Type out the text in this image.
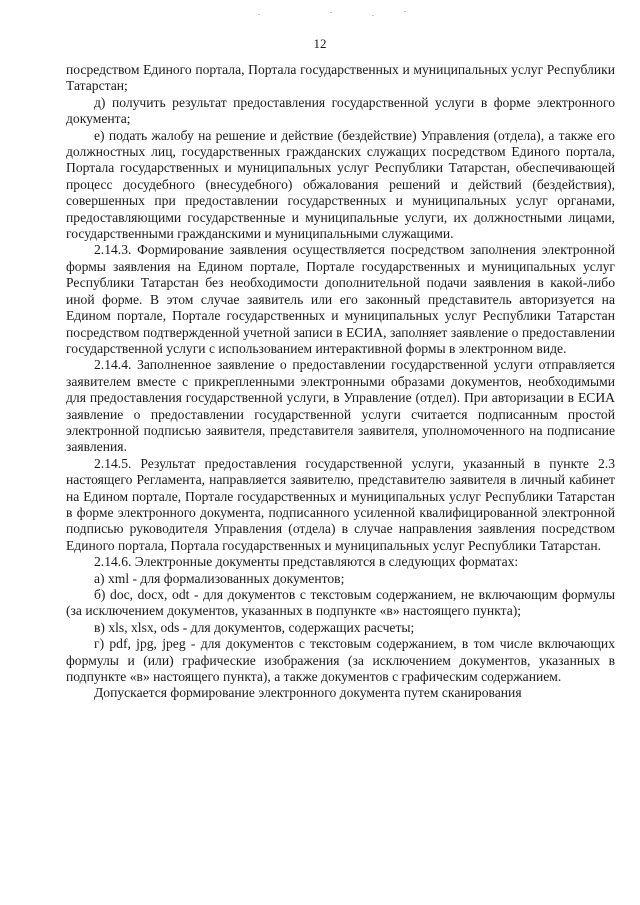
12

посредством Единого портала, Портала государственных и муниципальных услуг Республики Татарстан;

д) получить результат предоставления государственной услуги в форме электронного документа;

е) подать жалобу на решение и действие (бездействие) Управления (отдела), а также его должностных лиц, государственных гражданских служащих посредством Единого портала, Портала государственных и муниципальных услуг Республики Татарстан, обеспечивающей процесс досудебного (внесудебного) обжалования решений и действий (бездействия), совершенных при предоставлении государственных и муниципальных услуг органами, предоставляющими государственные и муниципальные услуги, их должностными лицами, государственными гражданскими и муниципальными служащими.

2.14.3. Формирование заявления осуществляется посредством заполнения электронной формы заявления на Едином портале, Портале государственных и муниципальных услуг Республики Татарстан без необходимости дополнительной подачи заявления в какой-либо иной форме. В этом случае заявитель или его законный представитель авторизуется на Едином портале, Портале государственных и муниципальных услуг Республики Татарстан посредством подтвержденной учетной записи в ЕСИА, заполняет заявление о предоставлении государственной услуги с использованием интерактивной формы в электронном виде.

2.14.4. Заполненное заявление о предоставлении государственной услуги отправляется заявителем вместе с прикрепленными электронными образами документов, необходимыми для предоставления государственной услуги, в Управление (отдел). При авторизации в ЕСИА заявление о предоставлении государственной услуги считается подписанным простой электронной подписью заявителя, представителя заявителя, уполномоченного на подписание заявления.

2.14.5. Результат предоставления государственной услуги, указанный в пункте 2.3 настоящего Регламента, направляется заявителю, представителю заявителя в личный кабинет на Едином портале, Портале государственных и муниципальных услуг Республики Татарстан в форме электронного документа, подписанного усиленной квалифицированной электронной подписью руководителя Управления (отдела) в случае направления заявления посредством Единого портала, Портала государственных и муниципальных услуг Республики Татарстан.

2.14.6. Электронные документы представляются в следующих форматах:

а) xml - для формализованных документов;

б) doc, docx, odt - для документов с текстовым содержанием, не включающим формулы (за исключением документов, указанных в подпункте «в» настоящего пункта);

в) xls, xlsx, ods - для документов, содержащих расчеты;

г) pdf, jpg, jpeg - для документов с текстовым содержанием, в том числе включающих формулы и (или) графические изображения (за исключением документов, указанных в подпункте «в» настоящего пункта), а также документов с графическим содержанием.

Допускается формирование электронного документа путем сканирования
